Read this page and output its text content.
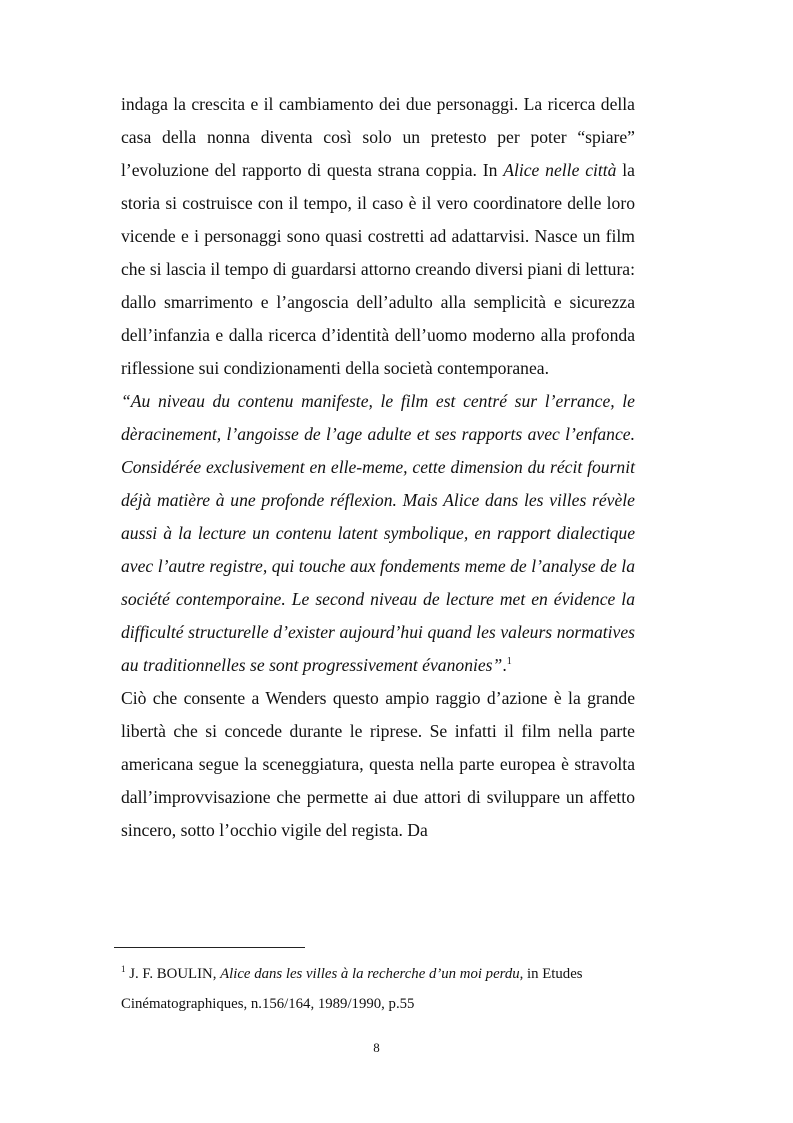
indaga la crescita e il cambiamento dei due personaggi. La ricerca della casa della nonna diventa così solo un pretesto per poter “spiare” l’evoluzione del rapporto di questa strana coppia. In Alice nelle città la storia si costruisce con il tempo, il caso è il vero coordinatore delle loro vicende e i personaggi sono quasi costretti ad adattarvisi. Nasce un film che si lascia il tempo di guardarsi attorno creando diversi piani di lettura: dallo smarrimento e l’angoscia dell’adulto alla semplicità e sicurezza dell’infanzia e dalla ricerca d’identità dell’uomo moderno alla profonda riflessione sui condizionamenti della società contemporanea.

“Au niveau du contenu manifeste, le film est centré sur l’errance, le dèracinement, l’angoisse de l’age adulte et ses rapports avec l’enfance. Considérée exclusivement en elle-meme, cette dimension du récit fournit déjà matière à une profonde réflexion. Mais Alice dans les villes révèle aussi à la lecture un contenu latent symbolique, en rapport dialectique avec l’autre registre, qui touche aux fondements meme de l’analyse de la société contemporaine. Le second niveau de lecture met en évidence la difficulté structurelle d’exister aujourd’hui quand les valeurs normatives au traditionnelles se sont progressivement évanonies”.$^1$

Ciò che consente a Wenders questo ampio raggio d’azione è la grande libertà che si concede durante le riprese. Se infatti il film nella parte americana segue la sceneggiatura, questa nella parte europea è stravolta dall’improvvisazione che permette ai due attori di sviluppare un affetto sincero, sotto l’occhio vigile del regista. Da

$^1$ J. F. BOULIN, Alice dans les villes à la recherche d’un moi perdu, in Etudes Cinématographiques, n.156/164, 1989/1990, p.55

8
